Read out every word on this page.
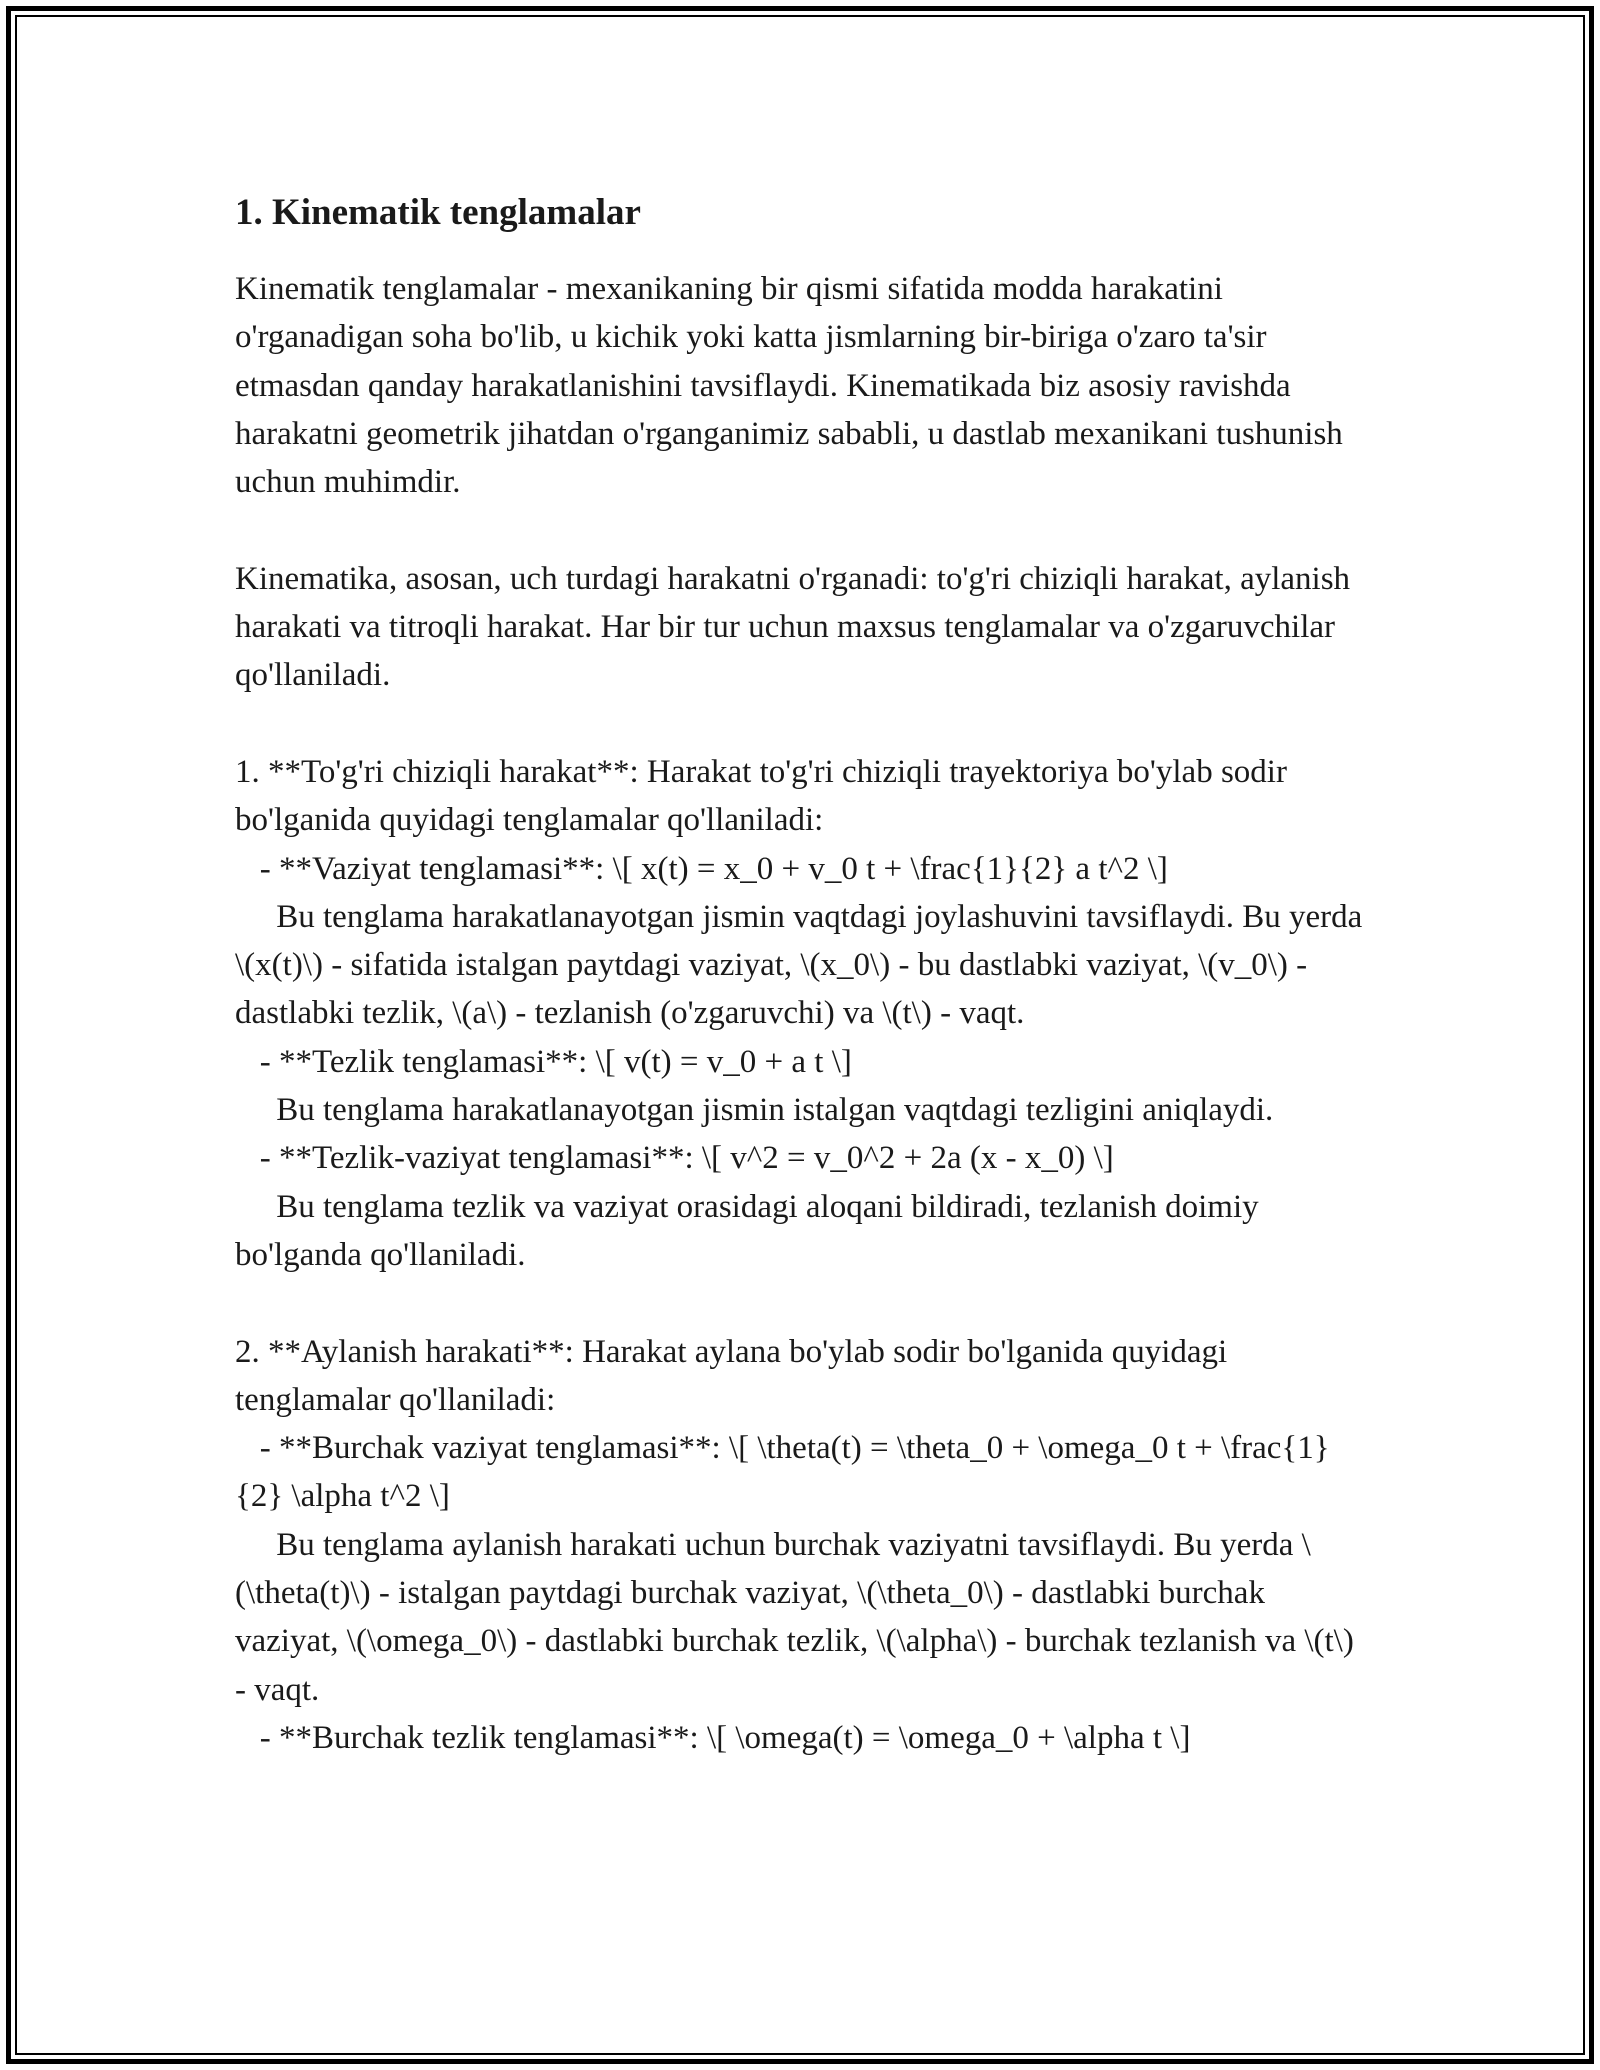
1. Kinematik tenglamalar
Kinematik tenglamalar - mexanikaning bir qismi sifatida modda harakatini o'rganadigan soha bo'lib, u kichik yoki katta jismlarning bir-biriga o'zaro ta'sir etmasdan qanday harakatlanishini tavsiflaydi. Kinematikada biz asosiy ravishda harakatni geometrik jihatdan o'rganganimiz sababli, u dastlab mexanikani tushunish uchun muhimdir.

Kinematika, asosan, uch turdagi harakatni o'rganadi: to'g'ri chiziqli harakat, aylanish harakati va titroqli harakat. Har bir tur uchun maxsus tenglamalar va o'zgaruvchilar qo'llaniladi.

1. **To'g'ri chiziqli harakat**: Harakat to'g'ri chiziqli trayektoriya bo'ylab sodir bo'lganida quyidagi tenglamalar qo'llaniladi:
- **Vaziyat tenglamasi**: \[ x(t) = x_0 + v_0 t + \frac{1}{2} a t^2 \]
Bu tenglama harakatlanayotgan jismin vaqtdagi joylashuvini tavsiflaydi. Bu yerda \(x(t)\) - sifatida istalgan paytdagi vaziyat, \(x_0\) - bu dastlabki vaziyat, \(v_0\) - dastlabki tezlik, \(a\) - tezlanish (o'zgaruvchi) va \(t\) - vaqt.
- **Tezlik tenglamasi**: \[ v(t) = v_0 + a t \]
Bu tenglama harakatlanayotgan jismin istalgan vaqtdagi tezligini aniqlaydi.
- **Tezlik-vaziyat tenglamasi**: \[ v^2 = v_0^2 + 2a (x - x_0) \]
Bu tenglama tezlik va vaziyat orasidagi aloqani bildiradi, tezlanish doimiy bo'lganda qo'llaniladi.

2. **Aylanish harakati**: Harakat aylana bo'ylab sodir bo'lganida quyidagi tenglamalar qo'llaniladi:
- **Burchak vaziyat tenglamasi**: \[ \theta(t) = \theta_0 + \omega_0 t + \frac{1}{2} \alpha t^2 \]
Bu tenglama aylanish harakati uchun burchak vaziyatni tavsiflaydi. Bu yerda \(\theta(t)\) - istalgan paytdagi burchak vaziyat, \(\theta_0\) - dastlabki burchak vaziyat, \(\omega_0\) - dastlabki burchak tezlik, \(\alpha\) - burchak tezlanish va \(t\) - vaqt.
- **Burchak tezlik tenglamasi**: \[ \omega(t) = \omega_0 + \alpha t \]
